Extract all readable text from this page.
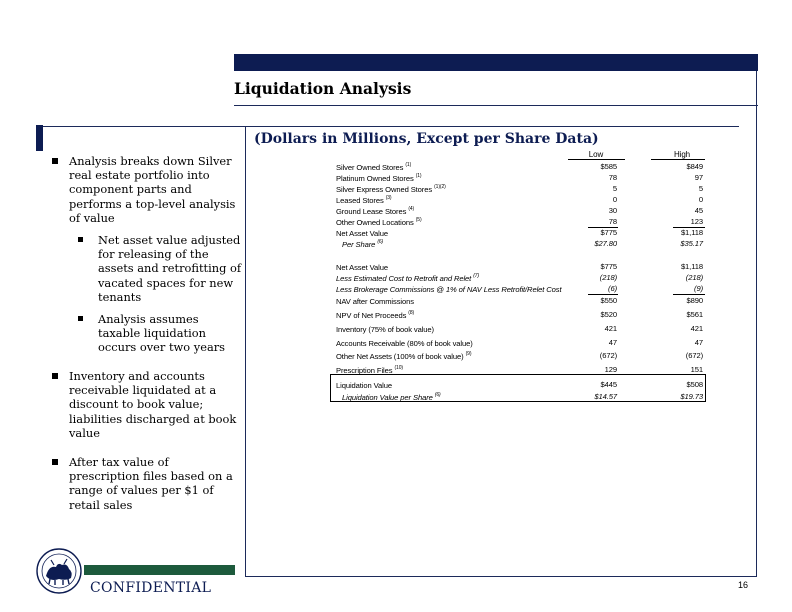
Liquidation Analysis
(Dollars in Millions, Except per Share Data)

Analysis breaks down Silver real estate portfolio into component parts and performs a top-level analysis of value

Net asset value adjusted for releasing of the assets and retrofitting of vacated spaces for new tenants

Analysis assumes taxable liquidation occurs over two years

Inventory and accounts receivable liquidated at a discount to book value; liabilities discharged at book value

After tax value of prescription files based on a range of values per $1 of retail sales

Low	High
Silver Owned Stores $^{(1)}$	$585	$849
Platinum Owned Stores $^{(1)}$	78	97
Silver Express Owned Stores $^{(1)(2)}$	5	5
Leased Stores $^{(3)}$	0	0
Ground Lease Stores $^{(4)}$	30	45
Other Owned Locations $^{(5)}$	78	123
Net Asset Value	$775	$1,118
Per Share $^{(6)}$	$27.80	$35.17
Net Asset Value	$775	$1,118
Less Estimated Cost to Retrofit and Relet $^{(7)}$	(218)	(218)
Less Brokerage Commissions @ 1% of NAV Less Retrofit/Relet Cost	(6)	(9)
NAV after Commissions	$550	$890
NPV of Net Proceeds $^{(8)}$	$520	$561
Inventory (75% of book value)	421	421
Accounts Receivable (80% of book value)	47	47
Other Net Assets (100% of book value) $^{(9)}$	(672)	(672)
Prescription Files $^{(10)}$	129	151
Liquidation Value	$445	$508
Liquidation Value per Share $^{(6)}$	$14.57	$19.73
CONFIDENTIAL	16
